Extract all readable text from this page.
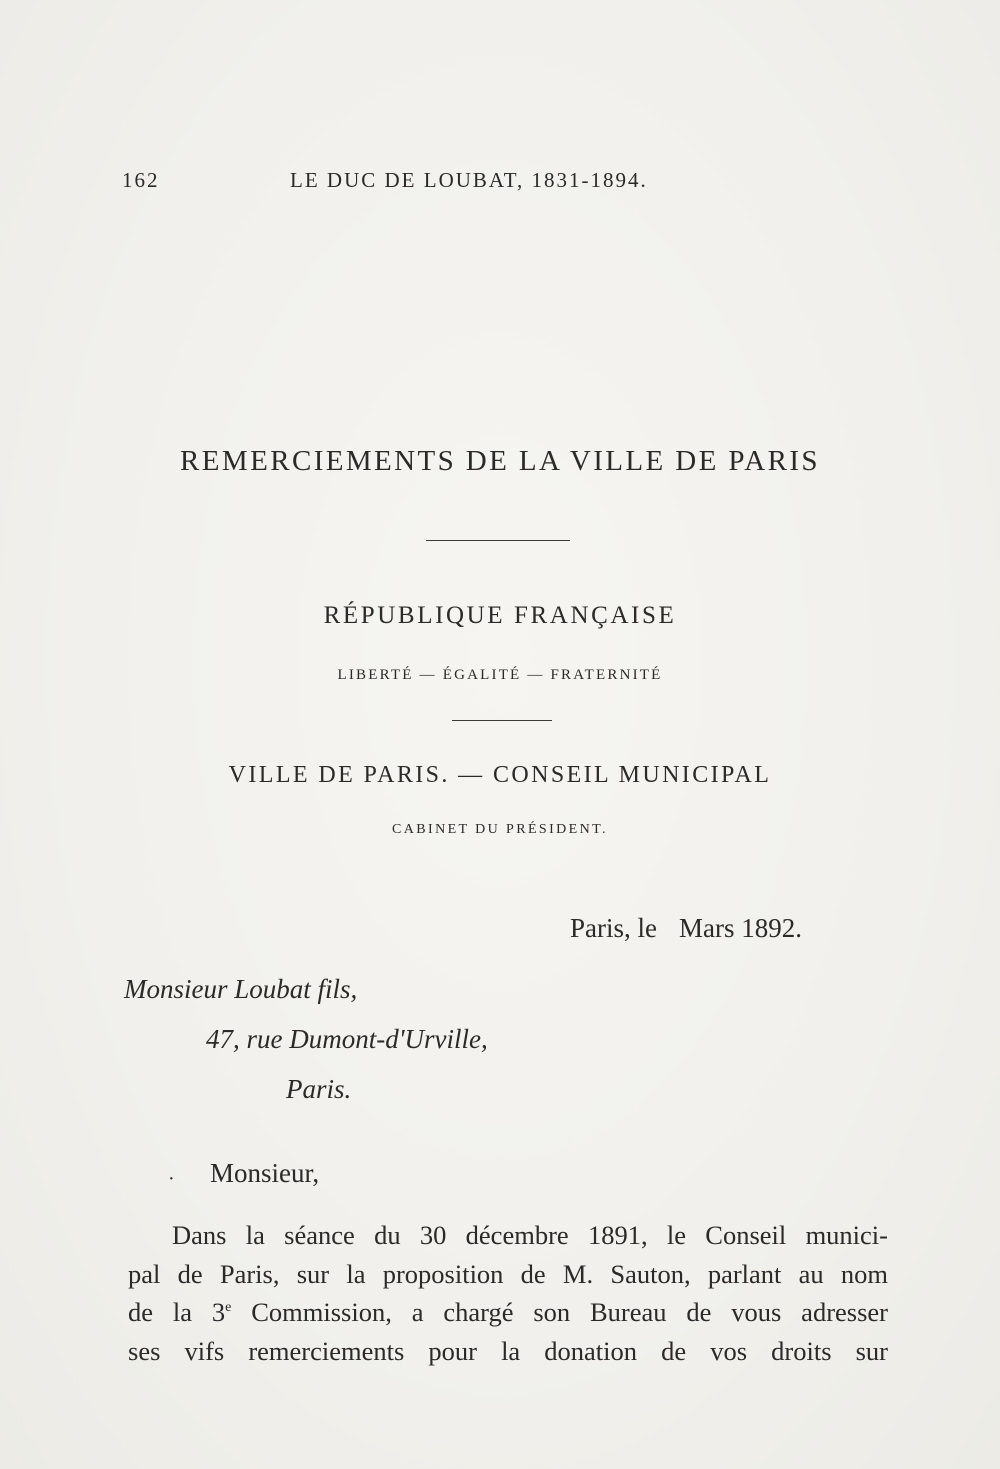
162	LE DUC DE LOUBAT, 1831-1894.
REMERCIEMENTS DE LA VILLE DE PARIS
RÉPUBLIQUE FRANÇAISE
LIBERTÉ — ÉGALITÉ — FRATERNITÉ
VILLE DE PARIS. — CONSEIL MUNICIPAL
CABINET DU PRÉSIDENT.
Paris, le Mars 1892.
Monsieur Loubat fils,
47, rue Dumont-d'Urville,
Paris.
· Monsieur,
Dans la séance du 30 décembre 1891, le Conseil munici-
pal de Paris, sur la proposition de M. Sauton, parlant au nom
de la 3e Commission, a chargé son Bureau de vous adresser
ses vifs remerciements pour la donation de vos droits sur
